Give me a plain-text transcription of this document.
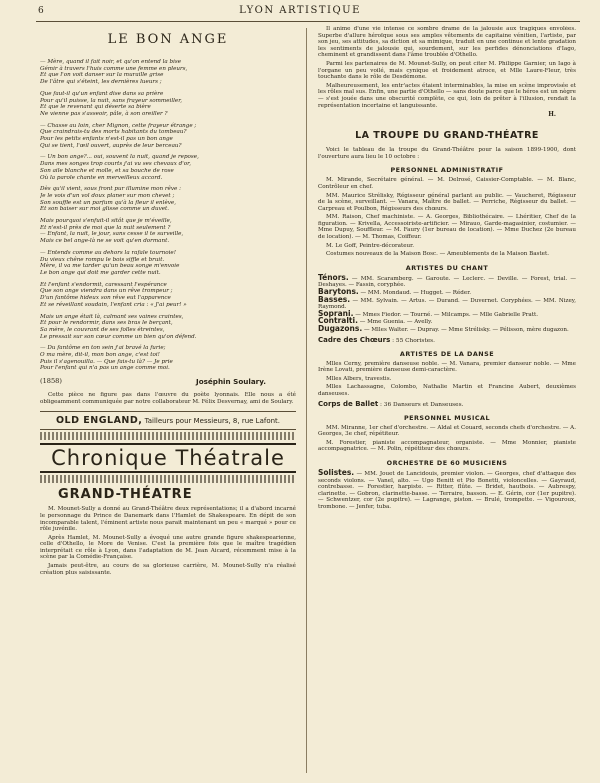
6	LYON ARTISTIQUE
LE BON ANGE

— Mère, quand il fait noir, et qu'on entend la bise

Gémir à travers l'huis comme une femme en pleurs,

Et que l'on voit danser sur la muraille grise

De l'âtre qui s'éteint, les dernières lueurs ;

Que faut-il qu'un enfant dise dans sa prière

Pour qu'il puisse, la nuit, sans frayeur sommeiller,

Et que le revenant qui déserte sa bière

Ne vienne pas s'asseoir, pâle, à son oreiller ?

— Chasse au loin, cher Mignon, cette frayeur étrange ;

Que craindrais-tu des morts habitants du tombeau?

Pour les petits enfants n'est-il pas un bon ange

Qui se tient, l'œil ouvert, auprès de leur berceau?

— Un bon ange?... oui, souvent la nuit, quand je repose,

Dans mes songes trop courts j'ai vu ses chevaux d'or,

Son aile blanche et molle, et sa bouche de rose

Où la parole chante en merveilleux accord.

Dès qu'il vient, sous front pur illumine mon rêve :

Je le vois d'un vol doux planer sur mon chevet ;

Son souffle est un parfum qu'à la fleur il enlève,

Et son baiser sur moi glisse comme un duvet.

Mais pourquoi s'enfuit-il sitôt que je m'éveille,

Et n'est-il près de moi que la nuit seulement ?

— Enfant, la nuit, le jour, sans cesse il te surveille,

Mais ce bel ange-là ne se voit qu'en dormant.

— Entends comme au dehors la rafale tournoie!

Du vieux chêne rompu le bois siffle et bruit.

Mère, il va me tarder qu'un beau songe m'envoie

Le bon ange qui doit me garder cette nuit.

Et l'enfant s'endormit, caressant l'espérance

Que son ange viendra dans un rêve trompeur ;

D'un fantôme hideux son rêve eut l'apparence

Et se réveillant soudain, l'enfant cria : « J'ai peur! »

Mais un ange était là, calmant ses vaines craintes,

Et pour le rendormir, dans ses bras le berçant,

Sa mère, le couvrant de ses folles étreintes,

Le pressait sur son cœur comme un bien qu'on défend.

— Du fantôme en ton sein j'ai bravé la furie;

O ma mère, dit-il, mon bon ange, c'est toi!

Puis il s'agenouilla. — Que fais-tu là? — Je prie

Pour l'enfant qui n'a pas un ange comme moi.

(1858)	Joséphin Soulary.

Cette pièce ne figure pas dans l'œuvre du poète lyonnais. Elle nous a été obligeamment communiquée par notre collaborateur M. Félix Desvernay, ami de Soulary.

OLD ENGLAND, Tailleurs pour Messieurs, 8, rue Lafont.
Chronique Théatrale
GRAND-THÉATRE

M. Mounet-Sully a donné au Grand-Théâtre deux représentations; il a d'abord incarné le personnage du Prince de Danemark dans l'Hamlet de Shakespeare. En dépit de son incomparable talent, l'éminent artiste nous parait maintenant un peu « marqué » pour ce rôle juvénile.

Après Hamlet, M. Mounet-Sully a évoqué une autre grande figure shakespearienne, celle d'Othello, le More de Venise. C'est la première fois que le maître tragédien interprétait ce rôle à Lyon, dans l'adaptation de M. Jean Aicard, récemment mise à la scène par la Comédie-Française.

Jamais peut-être, au cours de sa glorieuse carrière, M. Mounet-Sully n'a réalisé création plus saisissante.

Il anime d'une vie intense ce sombre drame de la jalousie aux tragiques envolées. Superbe d'allure héroïque sous ses amples vêtements de capitaine vénitien, l'artiste, par son jeu, ses attitudes, sa diction et sa mimique, traduit en une continue et lente gradation les sentiments de jalousie qui, sourdement, sur les perfides dénonciations d'Iago, cheminent et grandissent dans l'âme troublée d'Othello.

Parmi les partenaires de M. Mounet-Sully, on peut citer M. Philippe Garnier, un Iago à l'organe un peu voilé, mais cynique et froidement atroce, et Mlle Laure-Fleur, très touchante dans le rôle de Desdémone.

Malheureusement, les entr'actes étaient interminables, la mise en scène improvisée et les rôles mal sus. Enfin, une partie d'Othello — sans doute parce que le héros est un nègre — s'est jouée dans une obscurité complète, ce qui, loin de prêter à l'illusion, rendait la représentation incertaine et languissante.

H.

LA TROUPE DU GRAND-THÉATRE

Voici le tableau de la troupe du Grand-Théâtre pour la saison 1899-1900, dont l'ouverture aura lieu le 10 octobre :

PERSONNEL ADMINISTRATIF

M. Mirande, Secrétaire général. — M. Delrosé, Caissier-Comptable. — M. Blanc, Contrôleur en chef.

MM. Maurice Strélisky, Régisseur général parlant au public. — Vaucheret, Régisseur de la scène, surveillant. — Vanara, Maître de ballet. — Perriche, Régisseur du ballet. — Carpreau et Poulbon, Régisseurs des chœurs.

MM. Raison, Chef machiniste. — A. Georges, Bibliothécaire. — Lhéritier, Chef de la figuration. — Krivella, Accessoiriste-artificier. — Mirauo, Garde-magasinier, costumier. — Mme Dupuy, Souffleur. — M. Faury (1er bureau de location). — Mme Duchez (2e bureau de location). — M. Thomas, Coiffeur.

M. Le Goff, Peintre-décorateur.

Costumes nouveaux de la Maison Bosc. — Ameublements de la Maison Bastet.

ARTISTES DU CHANT

Ténors. — MM. Scaramberg. — Garoute. — Leclerc. — Deville. — Forest, trial. — Deshayes. — Fassin, coryphée.

Barytons. — MM. Mondaud. — Hugget. — Réder.

Basses. — MM. Sylvain. — Artus. — Durand. — Duvernet. Coryphées. — MM. Nizey, Raymond.

Soprani. — Mmes Fiedor. — Tourné. — Milcamps. — Mlle Gabrielle Pratt.

Contralti. — Mme Guenia. — Avelly.

Dugazons. — Mlles Walter. — Dupray. — Mme Strélisky. — Pélisson, mère dugazon.

Cadre des Chœurs : 55 Choristes.

ARTISTES DE LA DANSE

Mlles Cerny, première danseuse noble. — M. Vanara, premier danseur noble. — Mme Irène Lovati, première danseuse demi-caractère.

Mlles Albers, travestis.

Mlles Lachassagne, Colombo, Nathalie Martin et Francine Aubert, deuxièmes danseuses.

Corps de Ballet : 36 Danseurs et Danseuses.

PERSONNEL MUSICAL

MM. Miranne, 1er chef d'orchestre. — Aldal et Couard, seconds chefs d'orchestre. — A. Georges, 3e chef, répétiteur.

M. Forestier, pianiste accompagnateur, organiste. — Mme Monnier, pianiste accompagnatrice. — M. Polin, répétiteur des chœurs.

ORCHESTRE DE 60 MUSICIENS

Solistes. — MM. Jouet de Lancidouis, premier violon. — Georges, chef d'attaque des seconds violons. — Vanel, alto. — Ugo Benitt et Pio Bonetti, violoncelles. — Gayraud, contrebasse. — Forestier, harpiste. — Ritter, flûte. — Bridet, hautbois. — Aubrespy, clarinette. — Gobron, clarinette-basse. — Terraire, basson. — E. Gérin, cor (1er pupitre). — Schwentzer, cor (2e pupitre). — Lagrange, piston. — Brulé, trompette. — Vigouroux, trombone. — Jenfer, tuba.
